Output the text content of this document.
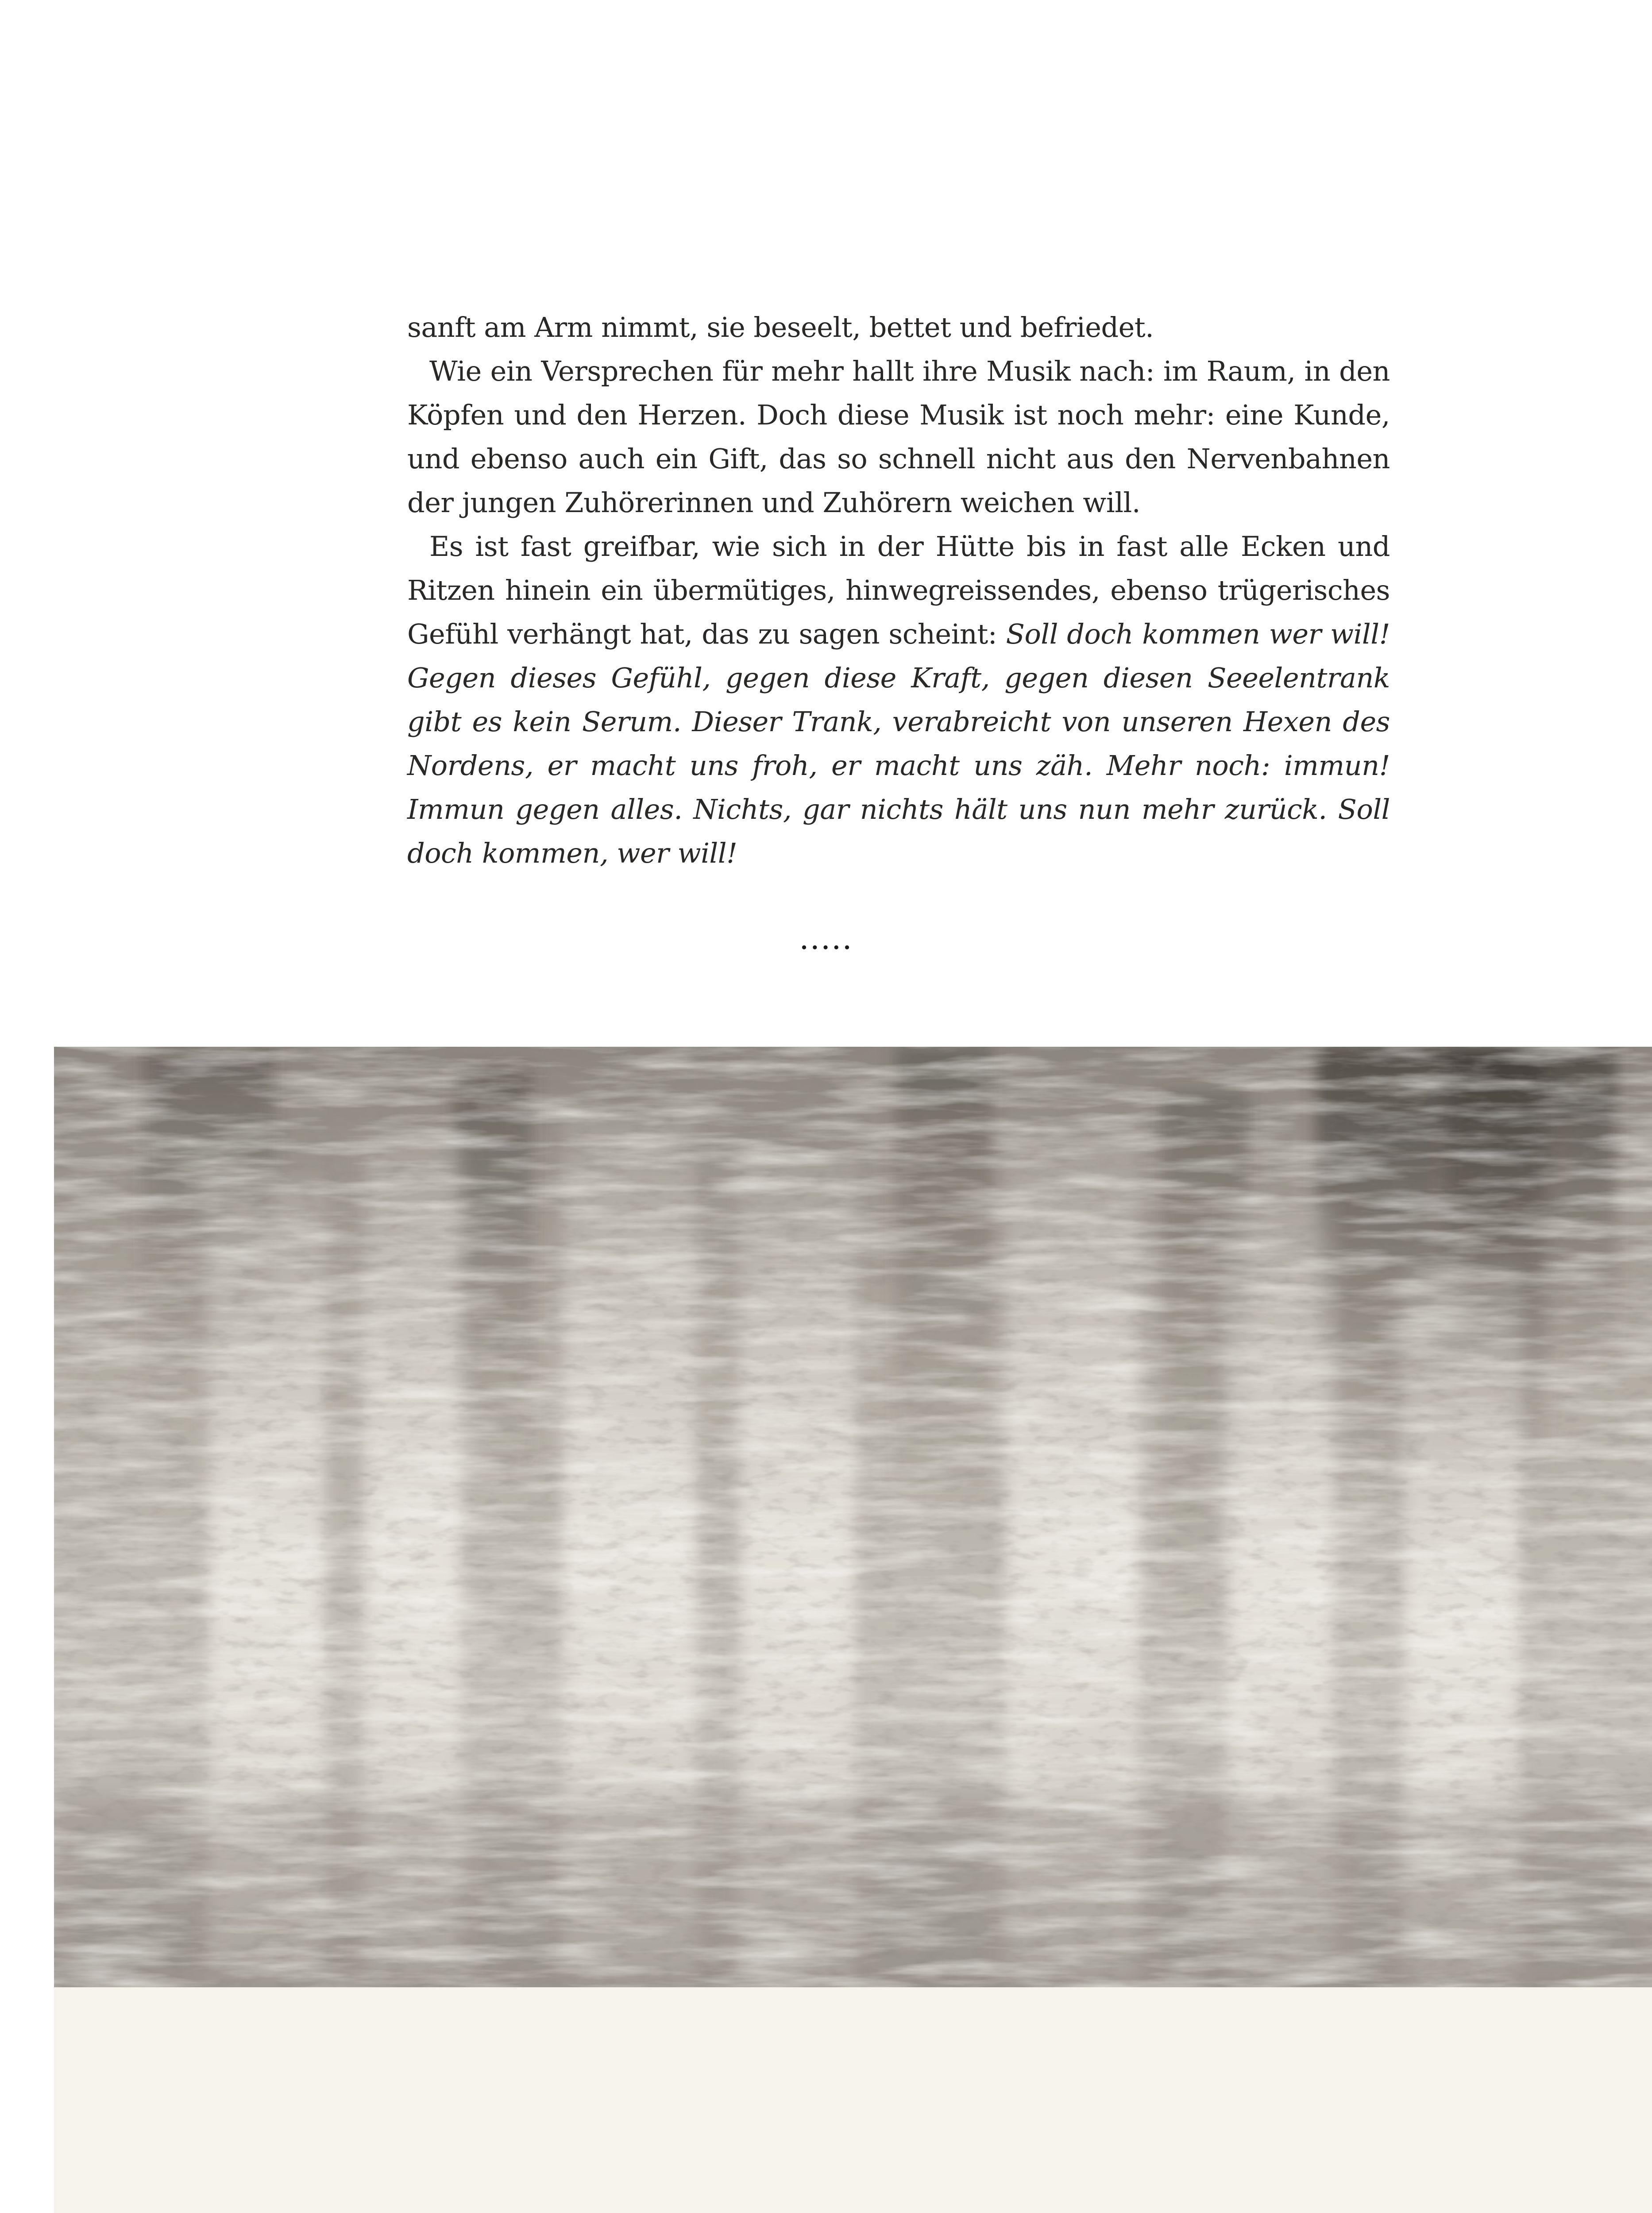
sanft am Arm nimmt, sie beseelt, bettet und befriedet.

Wie ein Versprechen für mehr hallt ihre Musik nach: im Raum, in den Köpfen und den Herzen. Doch diese Musik ist noch mehr: eine Kunde, und ebenso auch ein Gift, das so schnell nicht aus den Nervenbahnen der jungen Zuhörerinnen und Zuhörern weichen will.

Es ist fast greifbar, wie sich in der Hütte bis in fast alle Ecken und Ritzen hinein ein übermütiges, hinwegreissendes, ebenso trügerisches Gefühl verhängt hat, das zu sagen scheint: Soll doch kommen wer will! Gegen dieses Gefühl, gegen diese Kraft, gegen diesen Seeelentrank gibt es kein Serum. Dieser Trank, verabreicht von unseren Hexen des Nordens, er macht uns froh, er macht uns zäh. Mehr noch: immun! Immun gegen alles. Nichts, gar nichts hält uns nun mehr zurück. Soll doch kommen, wer will!

.....
